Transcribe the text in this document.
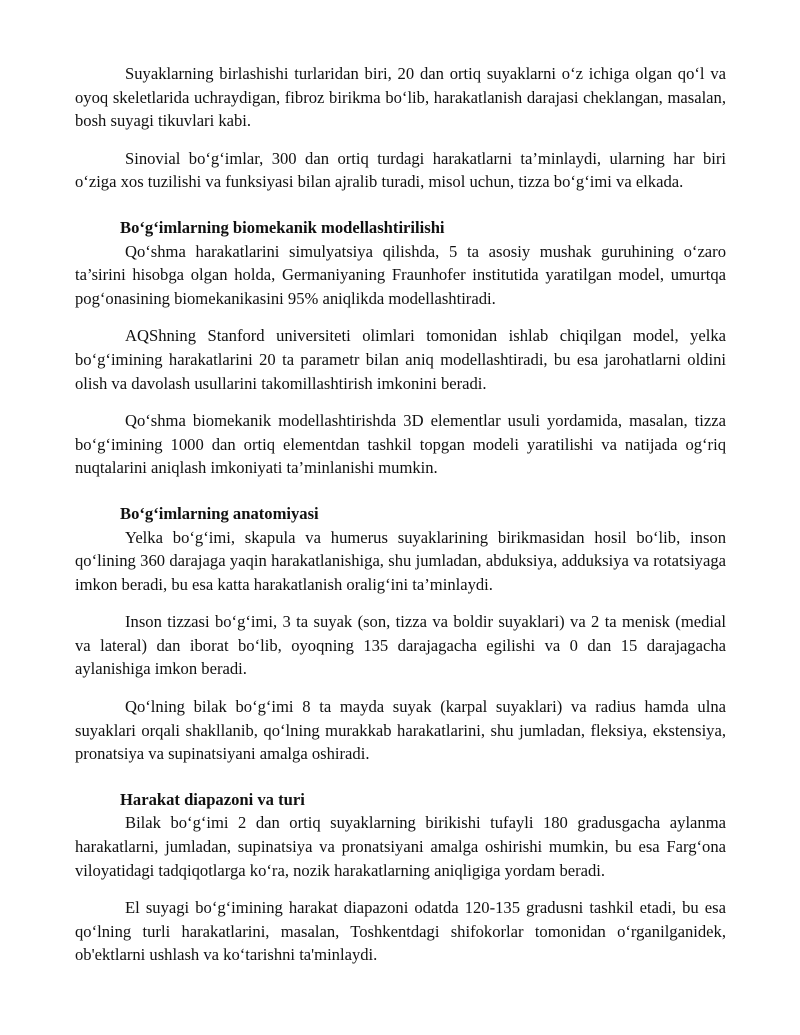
Suyaklarning birlashishi turlaridan biri, 20 dan ortiq suyaklarni o‘z ichiga olgan qo‘l va oyoq skeletlarida uchraydigan, fibroz birikma bo‘lib, harakatlanish darajasi cheklangan, masalan, bosh suyagi tikuvlari kabi.

Sinovial bo‘g‘imlar, 300 dan ortiq turdagi harakatlarni ta’minlaydi, ularning har biri o‘ziga xos tuzilishi va funksiyasi bilan ajralib turadi, misol uchun, tizza bo‘g‘imi va elkada.

Bo‘g‘imlarning biomekanik modellashtirilishi

Qo‘shma harakatlarini simulyatsiya qilishda, 5 ta asosiy mushak guruhining o‘zaro ta’sirini hisobga olgan holda, Germaniyaning Fraunhofer institutida yaratilgan model, umurtqa pog‘onasining biomekanikasini 95% aniqlikda modellashtiradi.

AQShning Stanford universiteti olimlari tomonidan ishlab chiqilgan model, yelka bo‘g‘imining harakatlarini 20 ta parametr bilan aniq modellashtiradi, bu esa jarohatlarni oldini olish va davolash usullarini takomillashtirish imkonini beradi.

Qo‘shma biomekanik modellashtirishda 3D elementlar usuli yordamida, masalan, tizza bo‘g‘imining 1000 dan ortiq elementdan tashkil topgan modeli yaratilishi va natijada og‘riq nuqtalarini aniqlash imkoniyati ta’minlanishi mumkin.

Bo‘g‘imlarning anatomiyasi

Yelka bo‘g‘imi, skapula va humerus suyaklarining birikmasidan hosil bo‘lib, inson qo‘lining 360 darajaga yaqin harakatlanishiga, shu jumladan, abduksiya, adduksiya va rotatsiyaga imkon beradi, bu esa katta harakatlanish oralig‘ini ta’minlaydi.

Inson tizzasi bo‘g‘imi, 3 ta suyak (son, tizza va boldir suyaklari) va 2 ta menisk (medial va lateral) dan iborat bo‘lib, oyoqning 135 darajagacha egilishi va 0 dan 15 darajagacha aylanishiga imkon beradi.

Qo‘lning bilak bo‘g‘imi 8 ta mayda suyak (karpal suyaklari) va radius hamda ulna suyaklari orqali shakllanib, qo‘lning murakkab harakatlarini, shu jumladan, fleksiya, ekstensiya, pronatsiya va supinatsiyani amalga oshiradi.

Harakat diapazoni va turi

Bilak bo‘g‘imi 2 dan ortiq suyaklarning birikishi tufayli 180 gradusgacha aylanma harakatlarni, jumladan, supinatsiya va pronatsiyani amalga oshirishi mumkin, bu esa Farg‘ona viloyatidagi tadqiqotlarga ko‘ra, nozik harakatlarning aniqligiga yordam beradi.

El suyagi bo‘g‘imining harakat diapazoni odatda 120-135 gradusni tashkil etadi, bu esa qo‘lning turli harakatlarini, masalan, Toshkentdagi shifokorlar tomonidan o‘rganilganidek, ob'ektlarni ushlash va ko‘tarishni ta'minlaydi.
